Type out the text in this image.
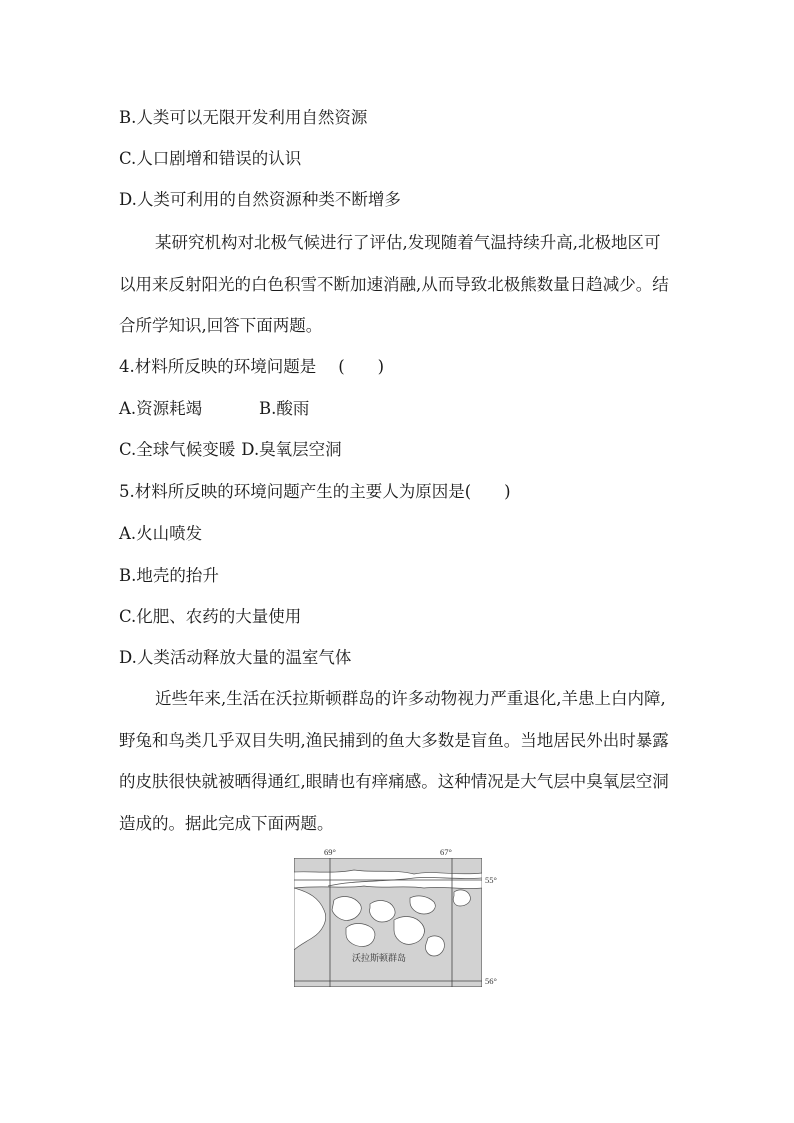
B.人类可以无限开发利用自然资源
C.人口剧增和错误的认识
D.人类可利用的自然资源种类不断增多
某研究机构对北极气候进行了评估,发现随着气温持续升高,北极地区可以用来反射阳光的白色积雪不断加速消融,从而导致北极熊数量日趋减少。结合所学知识,回答下面两题。
4.材料所反映的环境问题是 (　　)
A.资源耗竭	B.酸雨
C.全球气候变暖 D.臭氧层空洞
5.材料所反映的环境问题产生的主要人为原因是(　　)
A.火山喷发
B.地壳的抬升
C.化肥、农药的大量使用
D.人类活动释放大量的温室气体
近些年来,生活在沃拉斯顿群岛的许多动物视力严重退化,羊患上白内障,野兔和鸟类几乎双目失明,渔民捕到的鱼大多数是盲鱼。当地居民外出时暴露的皮肤很快就被晒得通红,眼睛也有痒痛感。这种情况是大气层中臭氧层空洞造成的。据此完成下面两题。
69°	67°
55°
56°
沃拉斯顿群岛
